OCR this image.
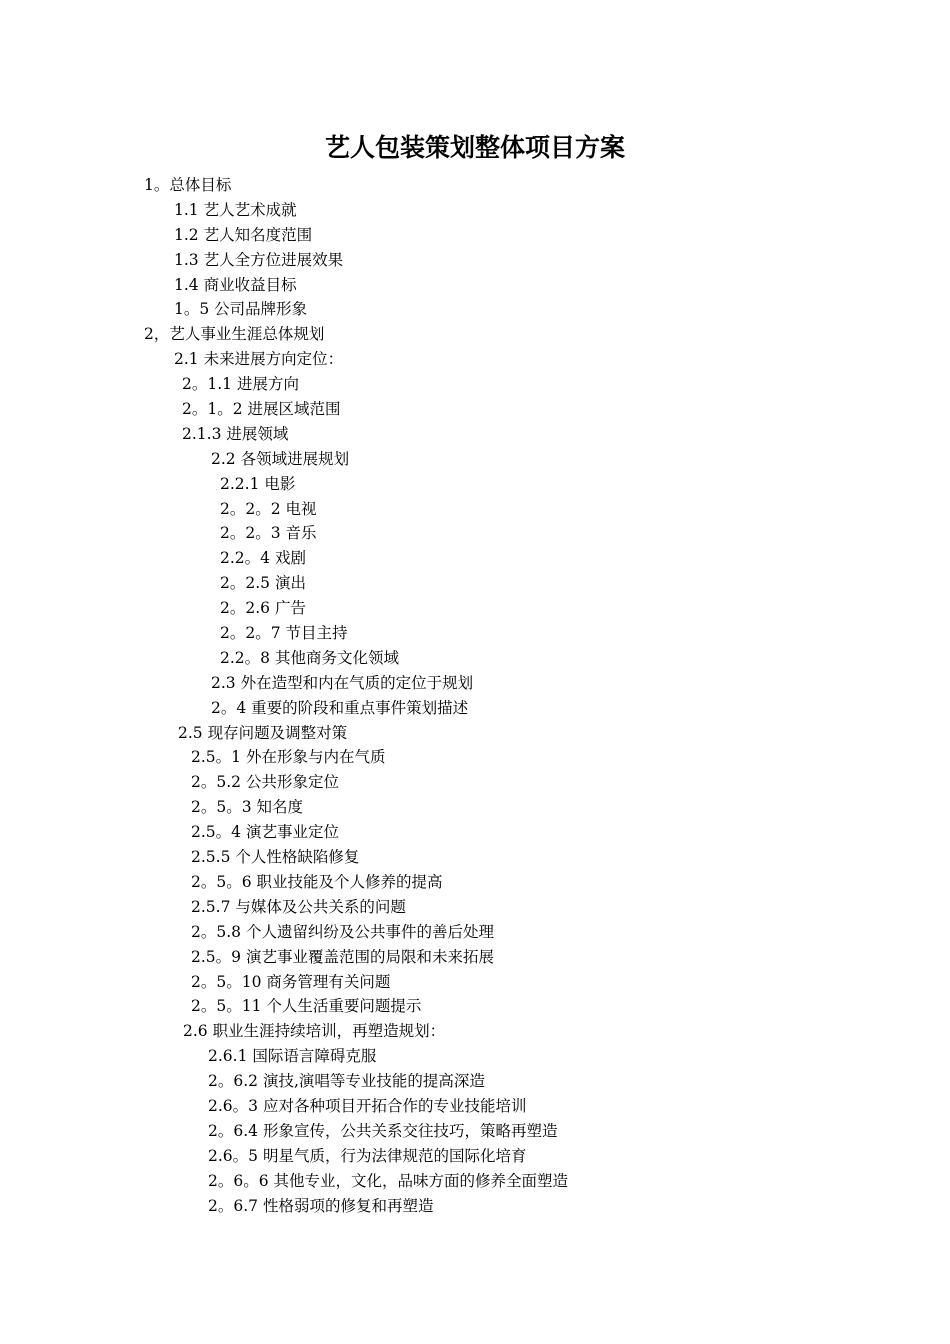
艺人包装策划整体项目方案
1。总体目标
1.1 艺人艺术成就
1.2 艺人知名度范围
1.3 艺人全方位进展效果
1.4 商业收益目标
1。5 公司品牌形象
2，艺人事业生涯总体规划
2.1 未来进展方向定位：
2。1.1 进展方向
2。1。2 进展区域范围
2.1.3 进展领域
2.2 各领域进展规划
2.2.1 电影
2。2。2 电视
2。2。3 音乐
2.2。4 戏剧
2。2.5 演出
2。2.6 广告
2。2。7 节目主持
2.2。8 其他商务文化领域
2.3 外在造型和内在气质的定位于规划
2。4 重要的阶段和重点事件策划描述
2.5 现存问题及调整对策
2.5。1 外在形象与内在气质
2。5.2 公共形象定位
2。5。3 知名度
2.5。4 演艺事业定位
2.5.5 个人性格缺陷修复
2。5。6 职业技能及个人修养的提高
2.5.7 与媒体及公共关系的问题
2。5.8 个人遗留纠纷及公共事件的善后处理
2.5。9 演艺事业覆盖范围的局限和未来拓展
2。5。10 商务管理有关问题
2。5。11 个人生活重要问题提示
2.6 职业生涯持续培训，再塑造规划：
2.6.1 国际语言障碍克服
2。6.2 演技,演唱等专业技能的提高深造
2.6。3 应对各种项目开拓合作的专业技能培训
2。6.4 形象宣传，公共关系交往技巧，策略再塑造
2.6。5 明星气质，行为法律规范的国际化培育
2。6。6 其他专业，文化，品味方面的修养全面塑造
2。6.7 性格弱项的修复和再塑造
